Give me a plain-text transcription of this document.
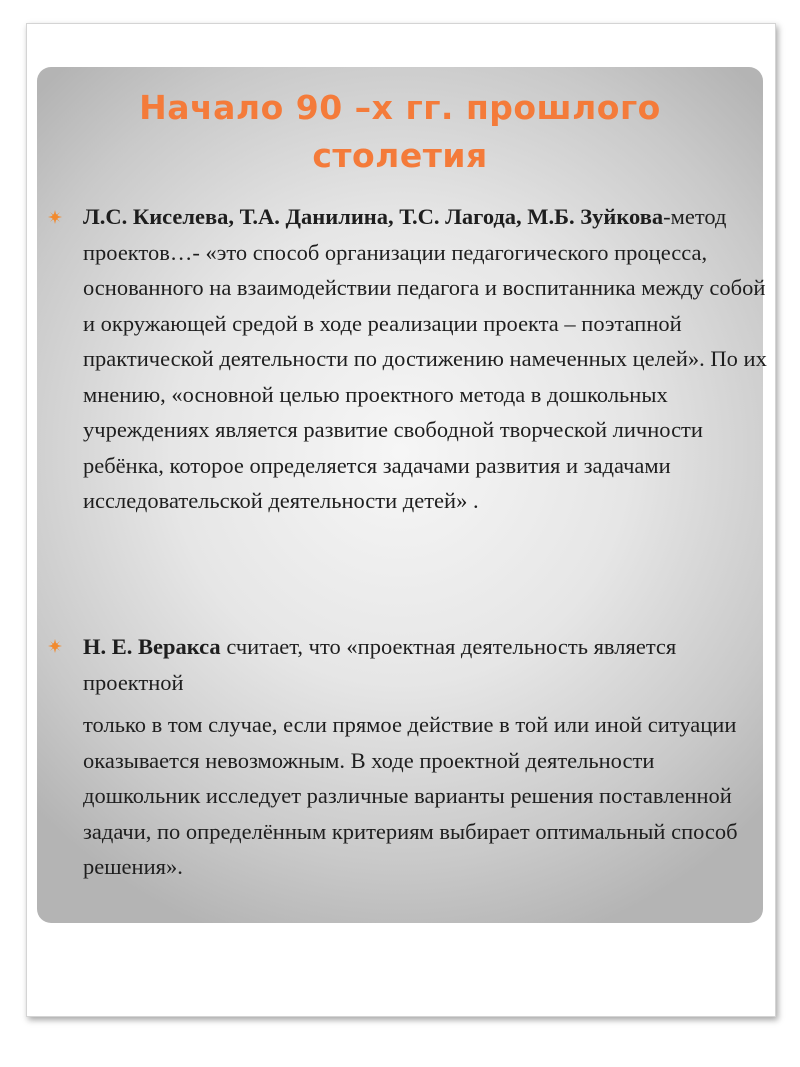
Начало 90 –х гг. прошлого
столетия

Л.С. Киселева, Т.А. Данилина, Т.С. Лагода, М.Б. Зуйкова-метод проектов…- «это способ организации педагогического процесса, основанного на взаимодействии педагога и воспитанника между собой и окружающей средой в ходе реализации проекта – поэтапной практической деятельности по достижению намеченных целей». По их мнению, «основной целью проектного метода в дошкольных учреждениях является развитие свободной творческой личности ребёнка, которое определяется задачами развития и задачами исследовательской деятельности детей» .

Н. Е. Веракса считает, что «проектная деятельность является проектной

только в том случае, если прямое действие в той или иной ситуации оказывается невозможным. В ходе проектной деятельности дошкольник исследует различные варианты решения поставленной задачи, по определённым критериям выбирает оптимальный способ решения».
